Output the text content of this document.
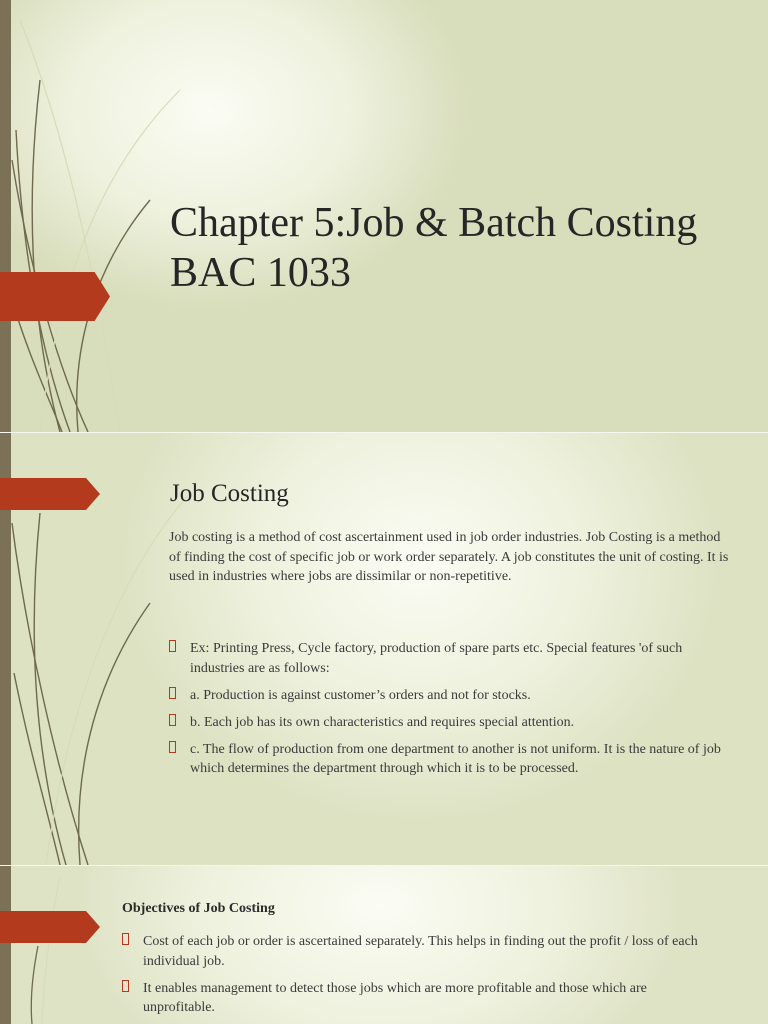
Chapter 5:Job & Batch Costing
BAC 1033
Job Costing

Job costing is a method of cost ascertainment used in job order industries. Job Costing is a method of finding the cost of specific job or work order separately. A job constitutes the unit of costing. It is used in industries where jobs are dissimilar or non-repetitive.

Ex: Printing Press, Cycle factory, production of spare parts etc. Special features 'of such industries are as follows:
a. Production is against customer’s orders and not for stocks.
b. Each job has its own characteristics and requires special attention.
c. The flow of production from one department to another is not uniform. It is the nature of job which determines the department through which it is to be processed.
Objectives of Job Costing
Cost of each job or order is ascertained separately. This helps in finding out the profit / loss of each individual job.
It enables management to detect those jobs which are more profitable and those which are unprofitable.
